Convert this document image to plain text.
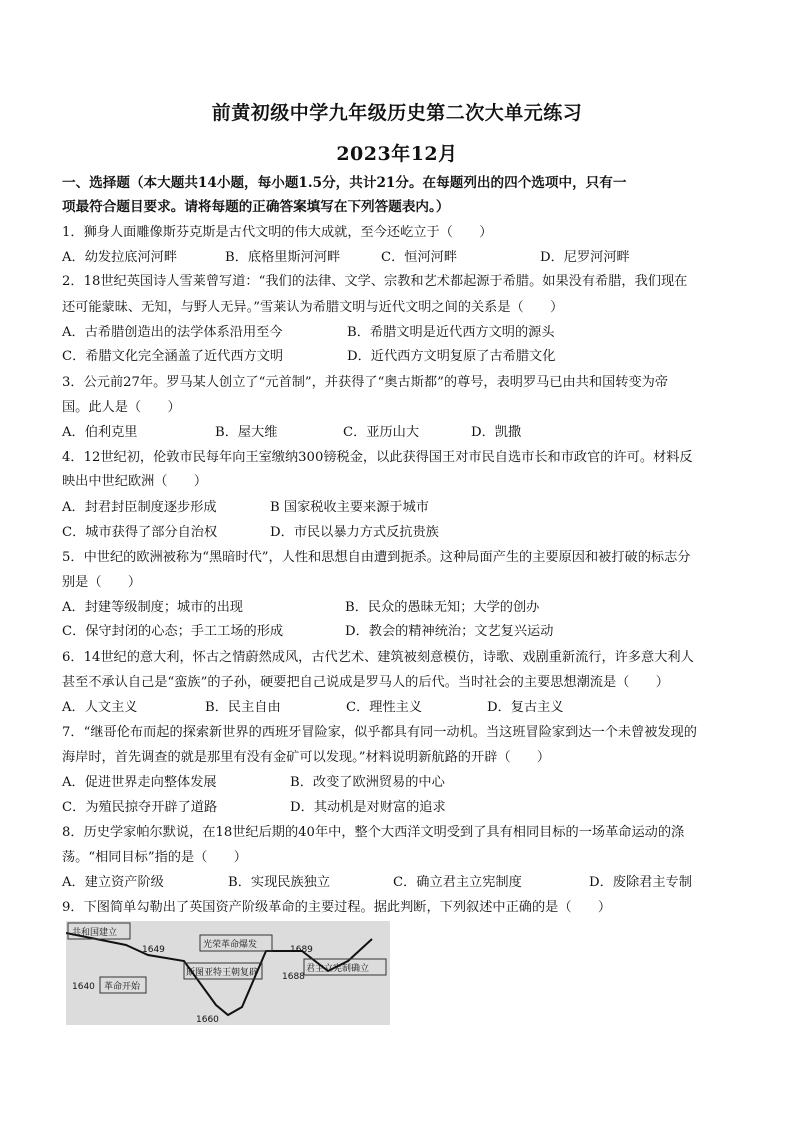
前黄初级中学九年级历史第二次大单元练习
2023年12月
一、选择题（本大题共14小题，每小题1.5分，共计21分。在每题列出的四个选项中，只有一
项最符合题目要求。请将每题的正确答案填写在下列答题表内。）
1．狮身人面雕像斯芬克斯是古代文明的伟大成就，至今还屹立于（　　）
A．幼发拉底河河畔	B．底格里斯河河畔	C．恒河河畔	D．尼罗河河畔
2．18世纪英国诗人雪莱曾写道：“我们的法律、文学、宗教和艺术都起源于希腊。如果没有希腊，我们现在
还可能蒙昧、无知，与野人无异。”雪莱认为希腊文明与近代文明之间的关系是（　　）
A．古希腊创造出的法学体系沿用至今	B．希腊文明是近代西方文明的源头
C．希腊文化完全涵盖了近代西方文明	D．近代西方文明复原了古希腊文化
3．公元前27年。罗马某人创立了“元首制”，并获得了“奥古斯都”的尊号，表明罗马已由共和国转变为帝
国。此人是（　　）
A．伯利克里	B．屋大维	C．亚历山大	D．凯撒
4．12世纪初，伦敦市民每年向王室缴纳300镑税金，以此获得国王对市民自选市长和市政官的许可。材料反
映出中世纪欧洲（　　）
A．封君封臣制度逐步形成	B 国家税收主要来源于城市
C．城市获得了部分自治权	D．市民以暴力方式反抗贵族
5．中世纪的欧洲被称为“黑暗时代”，人性和思想自由遭到扼杀。这种局面产生的主要原因和被打破的标志分
别是（　　）
A．封建等级制度；城市的出现	B．民众的愚昧无知；大学的创办
C．保守封闭的心态；手工工场的形成	D．教会的精神统治；文艺复兴运动
6．14世纪的意大利，怀古之情蔚然成风，古代艺术、建筑被刻意模仿，诗歌、戏剧重新流行，许多意大利人
甚至不承认自己是“蛮族”的子孙，硬要把自己说成是罗马人的后代。当时社会的主要思想潮流是（　　）
A．人文主义	B．民主自由	C．理性主义	D．复古主义
7．“继哥伦布而起的探索新世界的西班牙冒险家，似乎都具有同一动机。当这班冒险家到达一个未曾被发现的
海岸时，首先调查的就是那里有没有金矿可以发现。”材料说明新航路的开辟（　　）
A．促进世界走向整体发展	B．改变了欧洲贸易的中心
C．为殖民掠夺开辟了道路	D．其动机是对财富的追求
8．历史学家帕尔默说，在18世纪后期的40年中，整个大西洋文明受到了具有相同目标的一场革命运动的涤
荡。“相同目标”指的是（　　）
A．建立资产阶级	B．实现民族独立	C．确立君主立宪制度	D．废除君主专制
9．下图简单勾勒出了英国资产阶级革命的主要过程。据此判断，下列叙述中正确的是（　　）
共和国建立
1649
1640 革命开始
斯图亚特王朝复辟
1660
光荣革命爆发
1688
1689
君主立宪制确立
